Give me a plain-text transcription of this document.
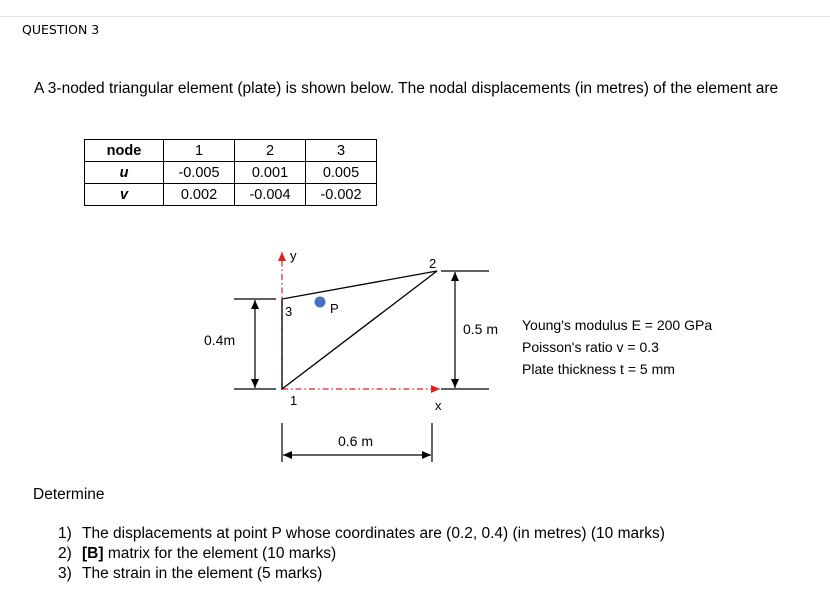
QUESTION 3
A 3-noded triangular element (plate) is shown below. The nodal displacements (in metres) of the element are
node	1	2	3
u	-0.005	0.001	0.005
v	0.002	-0.004	-0.002
y
x
1
2
3	P
0.4m
0.5 m
0.6 m
Young's modulus E = 200 GPa
Poisson's ratio v = 0.3
Plate thickness t = 5 mm
Determine
1) The displacements at point P whose coordinates are (0.2, 0.4) (in metres) (10 marks)
2) [B] matrix for the element (10 marks)
3) The strain in the element (5 marks)
